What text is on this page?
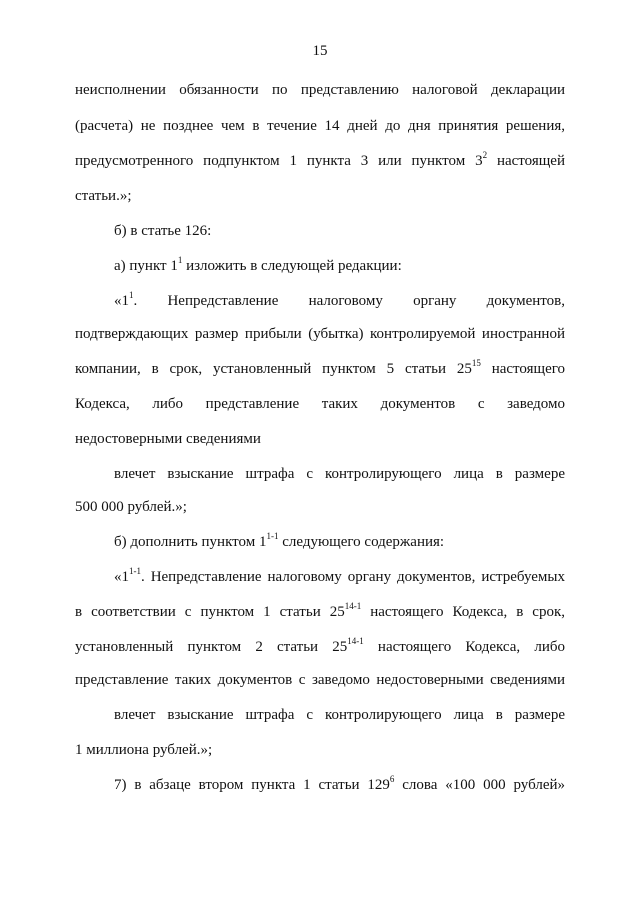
15
неисполнении обязанности по представлению налоговой декларации
(расчета) не позднее чем в течение 14 дней до дня принятия решения,
предусмотренного подпунктом 1 пункта 3 или пунктом $3^2$ настоящей
статьи.»;
б) в статье 126:
а) пункт $1^1$ изложить в следующей редакции:
«$1^1$. Непредставление налоговому органу документов,
подтверждающих размер прибыли (убытка) контролируемой иностранной
компании, в срок, установленный пунктом 5 статьи $25^{15}$ настоящего
Кодекса, либо представление таких документов с заведомо
недостоверными сведениями
влечет взыскание штрафа с контролирующего лица в размере
500 000 рублей.»;
б) дополнить пунктом 1$^{1-1}$ следующего содержания:
«1$^{1-1}$. Непредставление налоговому органу документов, истребуемых
в соответствии с пунктом 1 статьи 25$^{14-1}$ настоящего Кодекса, в срок,
установленный пунктом 2 статьи 25$^{14-1}$ настоящего Кодекса, либо
представление таких документов с заведомо недостоверными сведениями
влечет взыскание штрафа с контролирующего лица в размере
1 миллиона рублей.»;
7) в абзаце втором пункта 1 статьи $129^6$ слова «100 000 рублей»
